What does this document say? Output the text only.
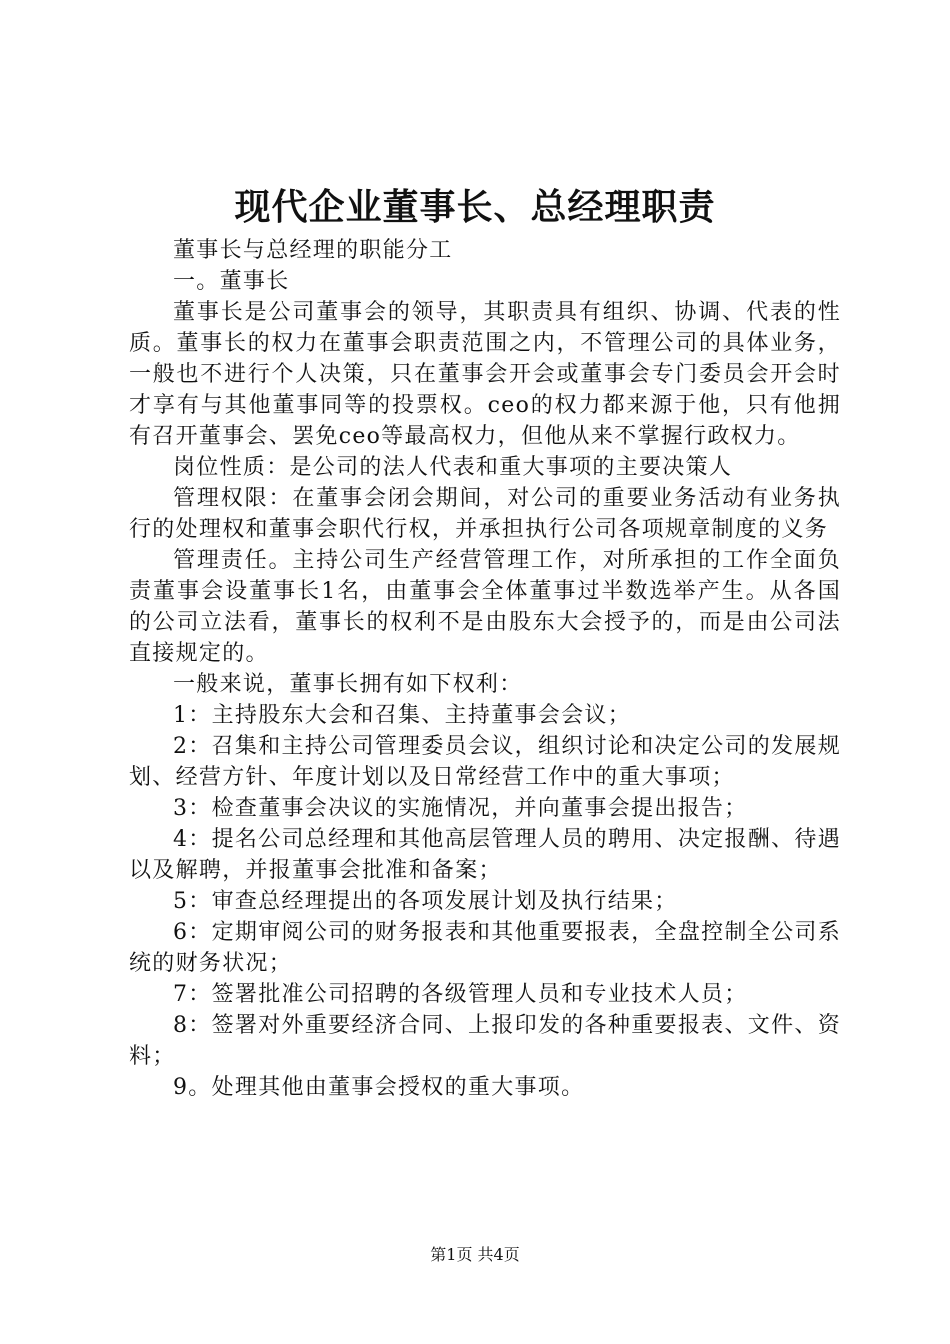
现代企业董事长、总经理职责

董事长与总经理的职能分工

一。董事长

董事长是公司董事会的领导，其职责具有组织、协调、代表的性质。董事长的权力在董事会职责范围之内，不管理公司的具体业务，一般也不进行个人决策，只在董事会开会或董事会专门委员会开会时才享有与其他董事同等的投票权。ceo的权力都来源于他，只有他拥有召开董事会、罢免ceo等最高权力，但他从来不掌握行政权力。

岗位性质：是公司的法人代表和重大事项的主要决策人

管理权限：在董事会闭会期间，对公司的重要业务活动有业务执行的处理权和董事会职代行权，并承担执行公司各项规章制度的义务

管理责任。主持公司生产经营管理工作，对所承担的工作全面负责董事会设董事长1名，由董事会全体董事过半数选举产生。从各国的公司立法看，董事长的权利不是由股东大会授予的，而是由公司法直接规定的。

一般来说，董事长拥有如下权利：

1：主持股东大会和召集、主持董事会会议；

2：召集和主持公司管理委员会议，组织讨论和决定公司的发展规划、经营方针、年度计划以及日常经营工作中的重大事项；

3：检查董事会决议的实施情况，并向董事会提出报告；

4：提名公司总经理和其他高层管理人员的聘用、决定报酬、待遇以及解聘，并报董事会批准和备案；

5：审查总经理提出的各项发展计划及执行结果；

6：定期审阅公司的财务报表和其他重要报表，全盘控制全公司系统的财务状况；

7：签署批准公司招聘的各级管理人员和专业技术人员；

8：签署对外重要经济合同、上报印发的各种重要报表、文件、资料；

9。处理其他由董事会授权的重大事项。

第1页 共4页
